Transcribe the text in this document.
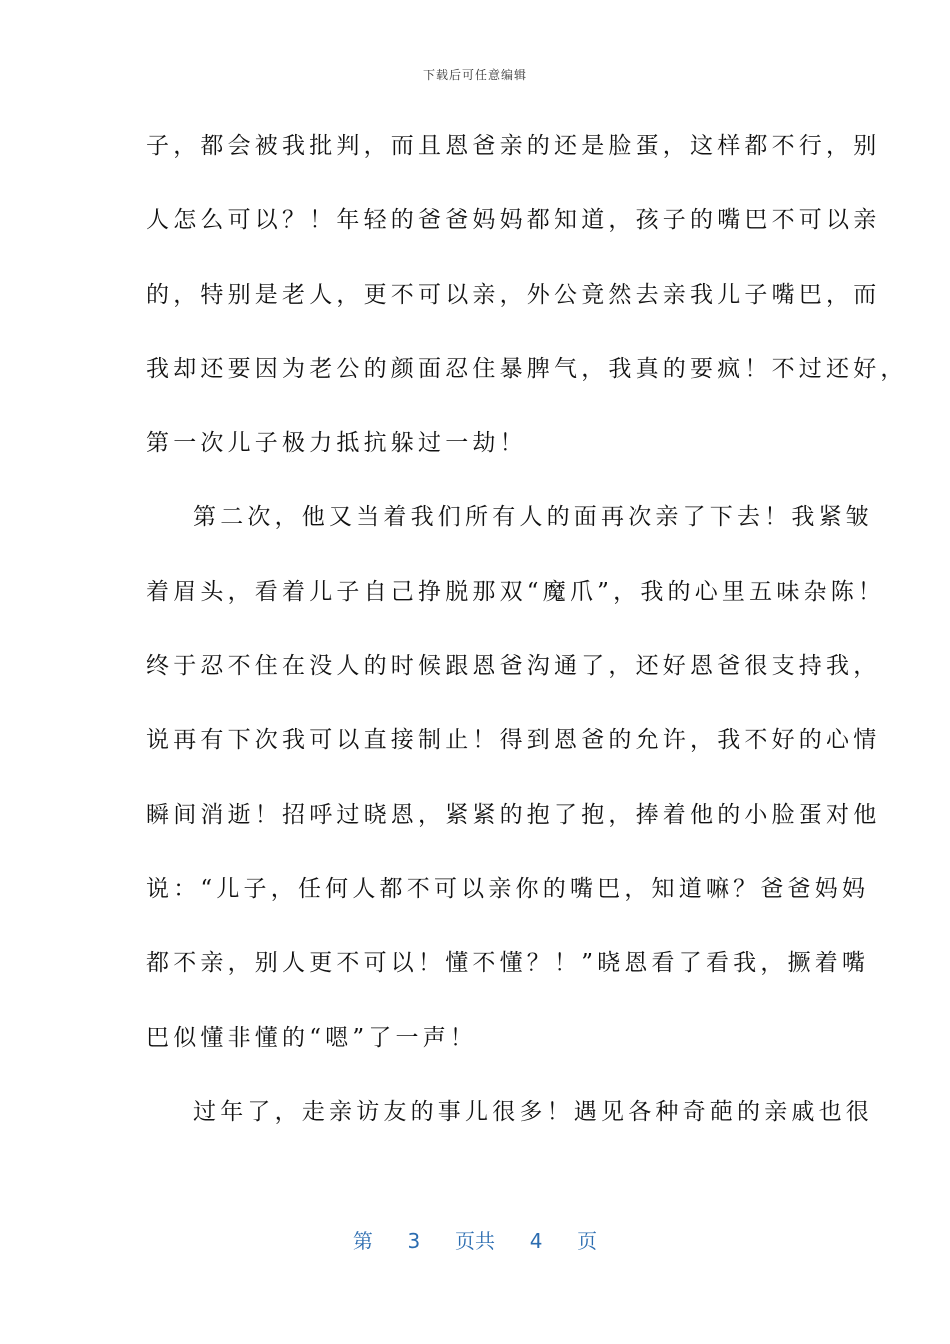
下载后可任意编辑
子，都会被我批判，而且恩爸亲的还是脸蛋，这样都不行，别
人怎么可以？！年轻的爸爸妈妈都知道，孩子的嘴巴不可以亲
的，特别是老人，更不可以亲，外公竟然去亲我儿子嘴巴，而
我却还要因为老公的颜面忍住暴脾气，我真的要疯！不过还好，
第一次儿子极力抵抗躲过一劫！
第二次，他又当着我们所有人的面再次亲了下去！我紧皱
着眉头，看着儿子自己挣脱那双“魔爪”，我的心里五味杂陈！
终于忍不住在没人的时候跟恩爸沟通了，还好恩爸很支持我，
说再有下次我可以直接制止！得到恩爸的允许，我不好的心情
瞬间消逝！招呼过晓恩，紧紧的抱了抱，捧着他的小脸蛋对他
说：“儿子，任何人都不可以亲你的嘴巴，知道嘛？爸爸妈妈
都不亲，别人更不可以！懂不懂？！”晓恩看了看我，撅着嘴
巴似懂非懂的“嗯”了一声！
过年了，走亲访友的事儿很多！遇见各种奇葩的亲戚也很
第 3 页共 4 页
